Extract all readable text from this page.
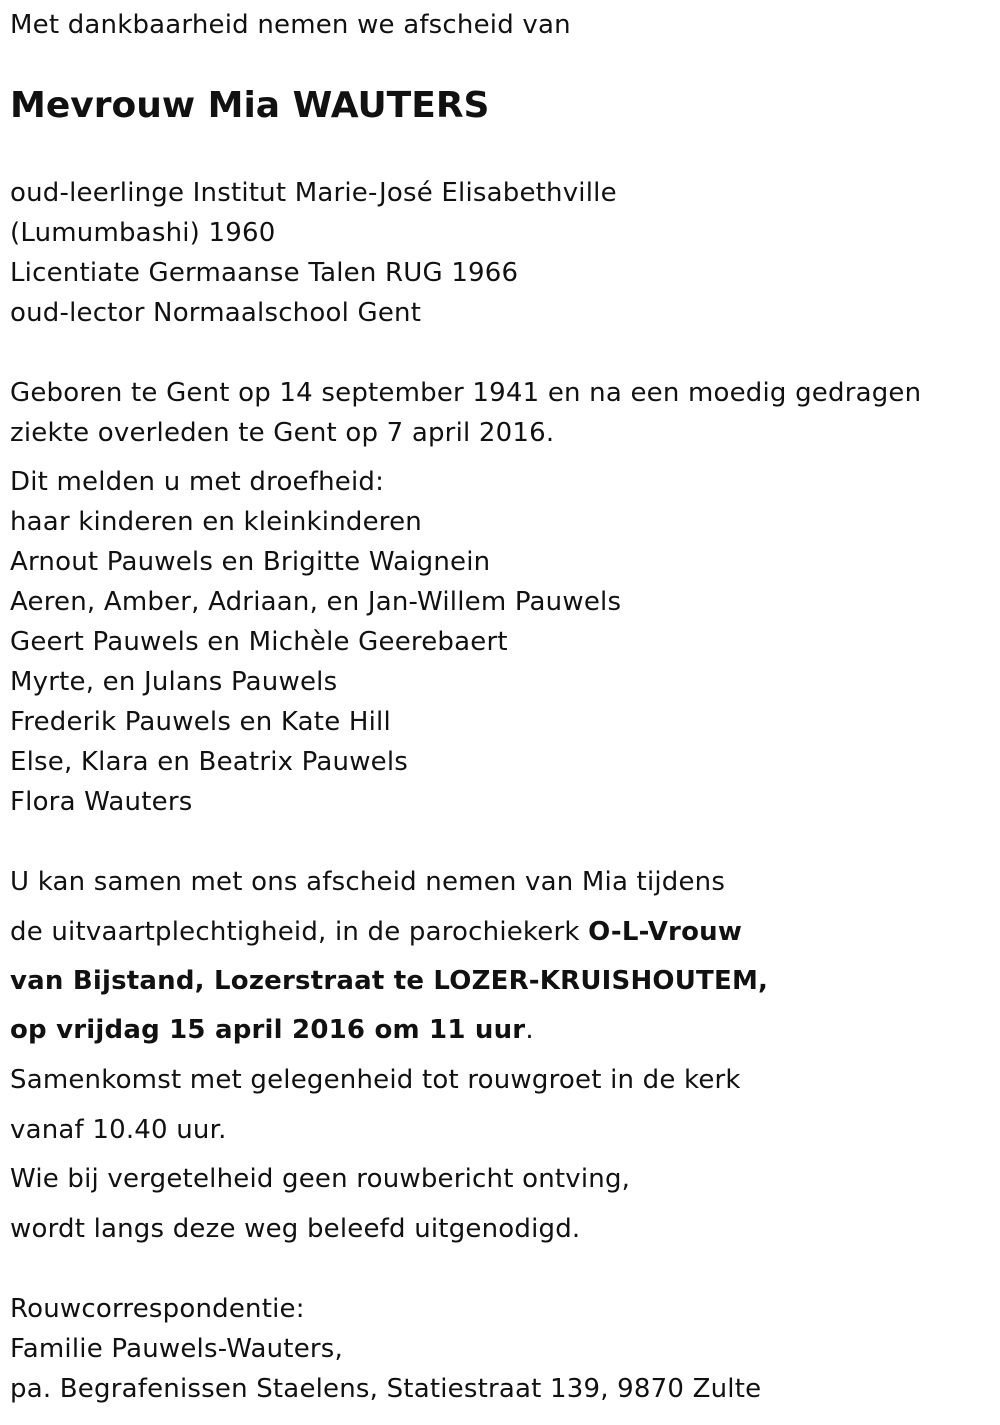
Met dankbaarheid nemen we afscheid van
Mevrouw Mia WAUTERS
oud-leerlinge Institut Marie-José Elisabethville
(Lumumbashi) 1960
Licentiate Germaanse Talen RUG 1966
oud-lector Normaalschool Gent
Geboren te Gent op 14 september 1941 en na een moedig gedragen
ziekte overleden te Gent op 7 april 2016.
Dit melden u met droefheid:
haar kinderen en kleinkinderen
Arnout Pauwels en Brigitte Waignein
Aeren, Amber, Adriaan, en Jan-Willem Pauwels
Geert Pauwels en Michèle Geerebaert
Myrte, en Julans Pauwels
Frederik Pauwels en Kate Hill
Else, Klara en Beatrix Pauwels
Flora Wauters
U kan samen met ons afscheid nemen van Mia tijdens
de uitvaartplechtigheid, in de parochiekerk O-L-Vrouw
van Bijstand, Lozerstraat te LOZER-KRUISHOUTEM,
op vrijdag 15 april 2016 om 11 uur.
Samenkomst met gelegenheid tot rouwgroet in de kerk
vanaf 10.40 uur.
Wie bij vergetelheid geen rouwbericht ontving,
wordt langs deze weg beleefd uitgenodigd.
Rouwcorrespondentie:
Familie Pauwels-Wauters,
pa. Begrafenissen Staelens, Statiestraat 139, 9870 Zulte
